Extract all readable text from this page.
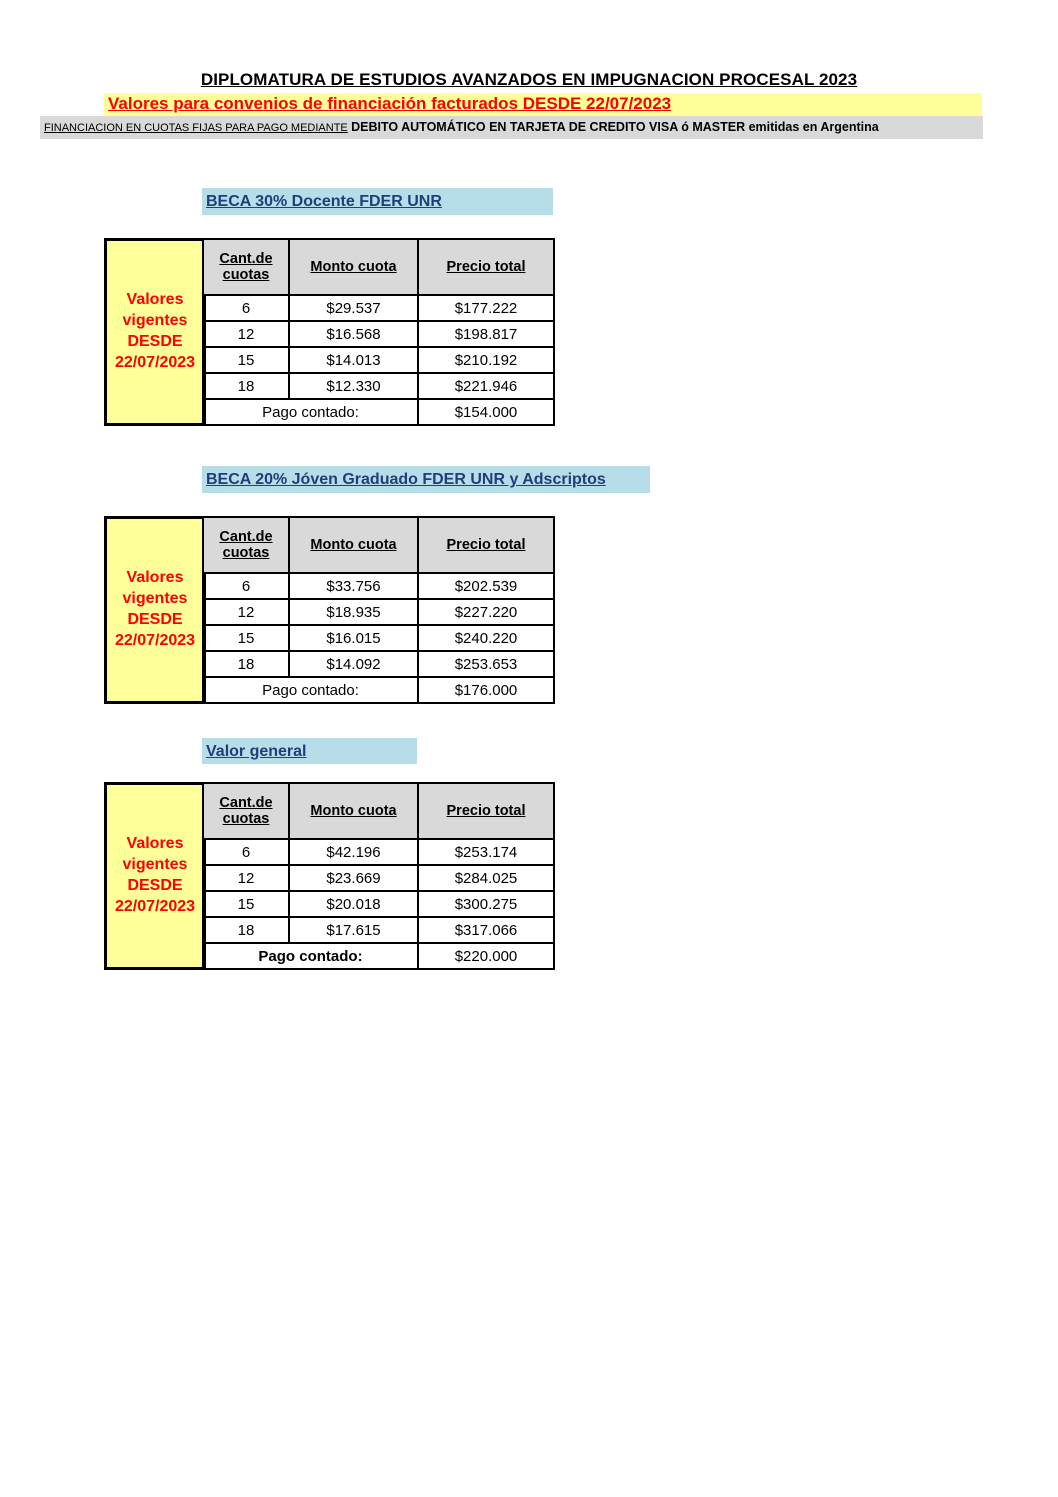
DIPLOMATURA DE ESTUDIOS AVANZADOS EN IMPUGNACION PROCESAL 2023
Valores para convenios de financiación facturados DESDE 22/07/2023
FINANCIACION EN CUOTAS FIJAS PARA PAGO MEDIANTE DEBITO AUTOMÁTICO EN TARJETA DE CREDITO VISA ó MASTER emitidas en Argentina
BECA 30% Docente FDER UNR
Valores
vigentes
DESDE
22/07/2023
Cant.de cuotas	Monto cuota	Precio total
6	$29.537	$177.222
12	$16.568	$198.817
15	$14.013	$210.192
18	$12.330	$221.946
Pago contado:		$154.000
BECA 20% Jóven Graduado FDER UNR y Adscriptos
Valores
vigentes
DESDE
22/07/2023
Cant.de cuotas	Monto cuota	Precio total
6	$33.756	$202.539
12	$18.935	$227.220
15	$16.015	$240.220
18	$14.092	$253.653
Pago contado:		$176.000
Valor general
Valores
vigentes
DESDE
22/07/2023
Cant.de cuotas	Monto cuota	Precio total
6	$42.196	$253.174
12	$23.669	$284.025
15	$20.018	$300.275
18	$17.615	$317.066
Pago contado:		$220.000
